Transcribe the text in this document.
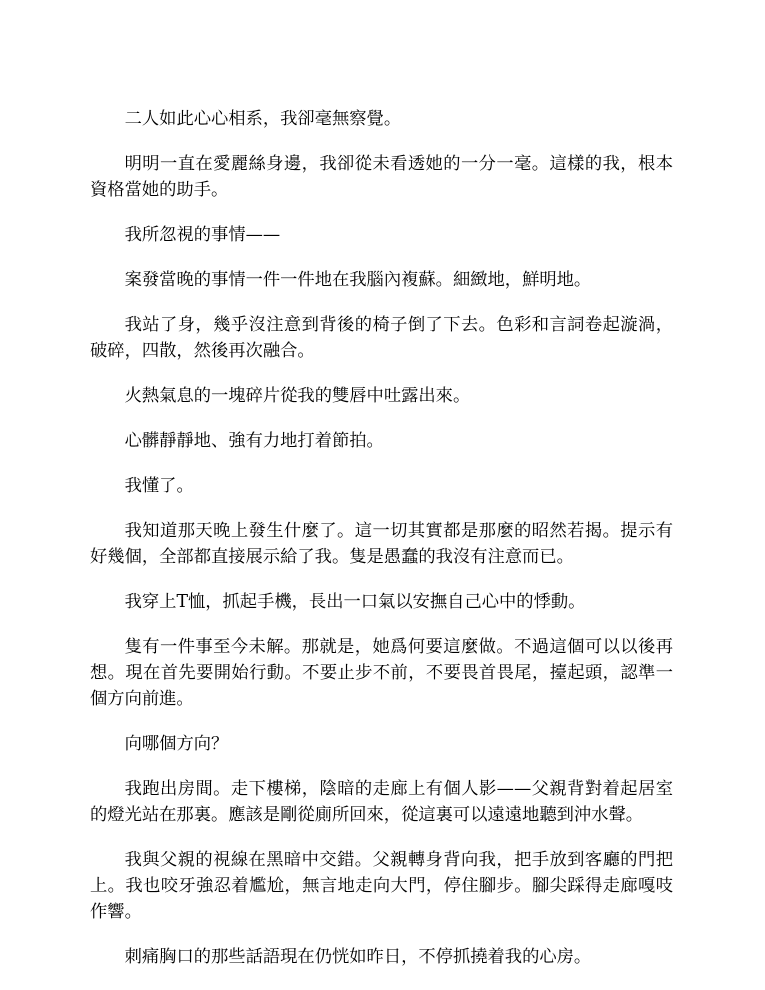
二人如此心心相系，我卻毫無察覺。

明明一直在愛麗絲身邊，我卻從未看透她的一分一毫。這樣的我，根本資格當她的助手。

我所忽視的事情——

案發當晚的事情一件一件地在我腦內複蘇。細緻地，鮮明地。

我站了身，幾乎沒注意到背後的椅子倒了下去。色彩和言詞卷起漩渦，破碎，四散，然後再次融合。

火熱氣息的一塊碎片從我的雙唇中吐露出來。

心髒靜靜地、強有力地打着節拍。

我懂了。

我知道那天晚上發生什麼了。這一切其實都是那麼的昭然若揭。提示有好幾個，全部都直接展示給了我。隻是愚蠢的我沒有注意而已。

我穿上T恤，抓起手機，長出一口氣以安撫自己心中的悸動。

隻有一件事至今未解。那就是，她爲何要這麼做。不過這個可以以後再想。現在首先要開始行動。不要止步不前，不要畏首畏尾，擡起頭，認準一個方向前進。

向哪個方向？

我跑出房間。走下樓梯，陰暗的走廊上有個人影——父親背對着起居室的燈光站在那裏。應該是剛從廁所回來，從這裏可以遠遠地聽到沖水聲。

我與父親的視線在黑暗中交錯。父親轉身背向我，把手放到客廳的門把上。我也咬牙強忍着尷尬，無言地走向大門，停住腳步。腳尖踩得走廊嘎吱作響。

刺痛胸口的那些話語現在仍恍如昨日，不停抓撓着我的心房。
